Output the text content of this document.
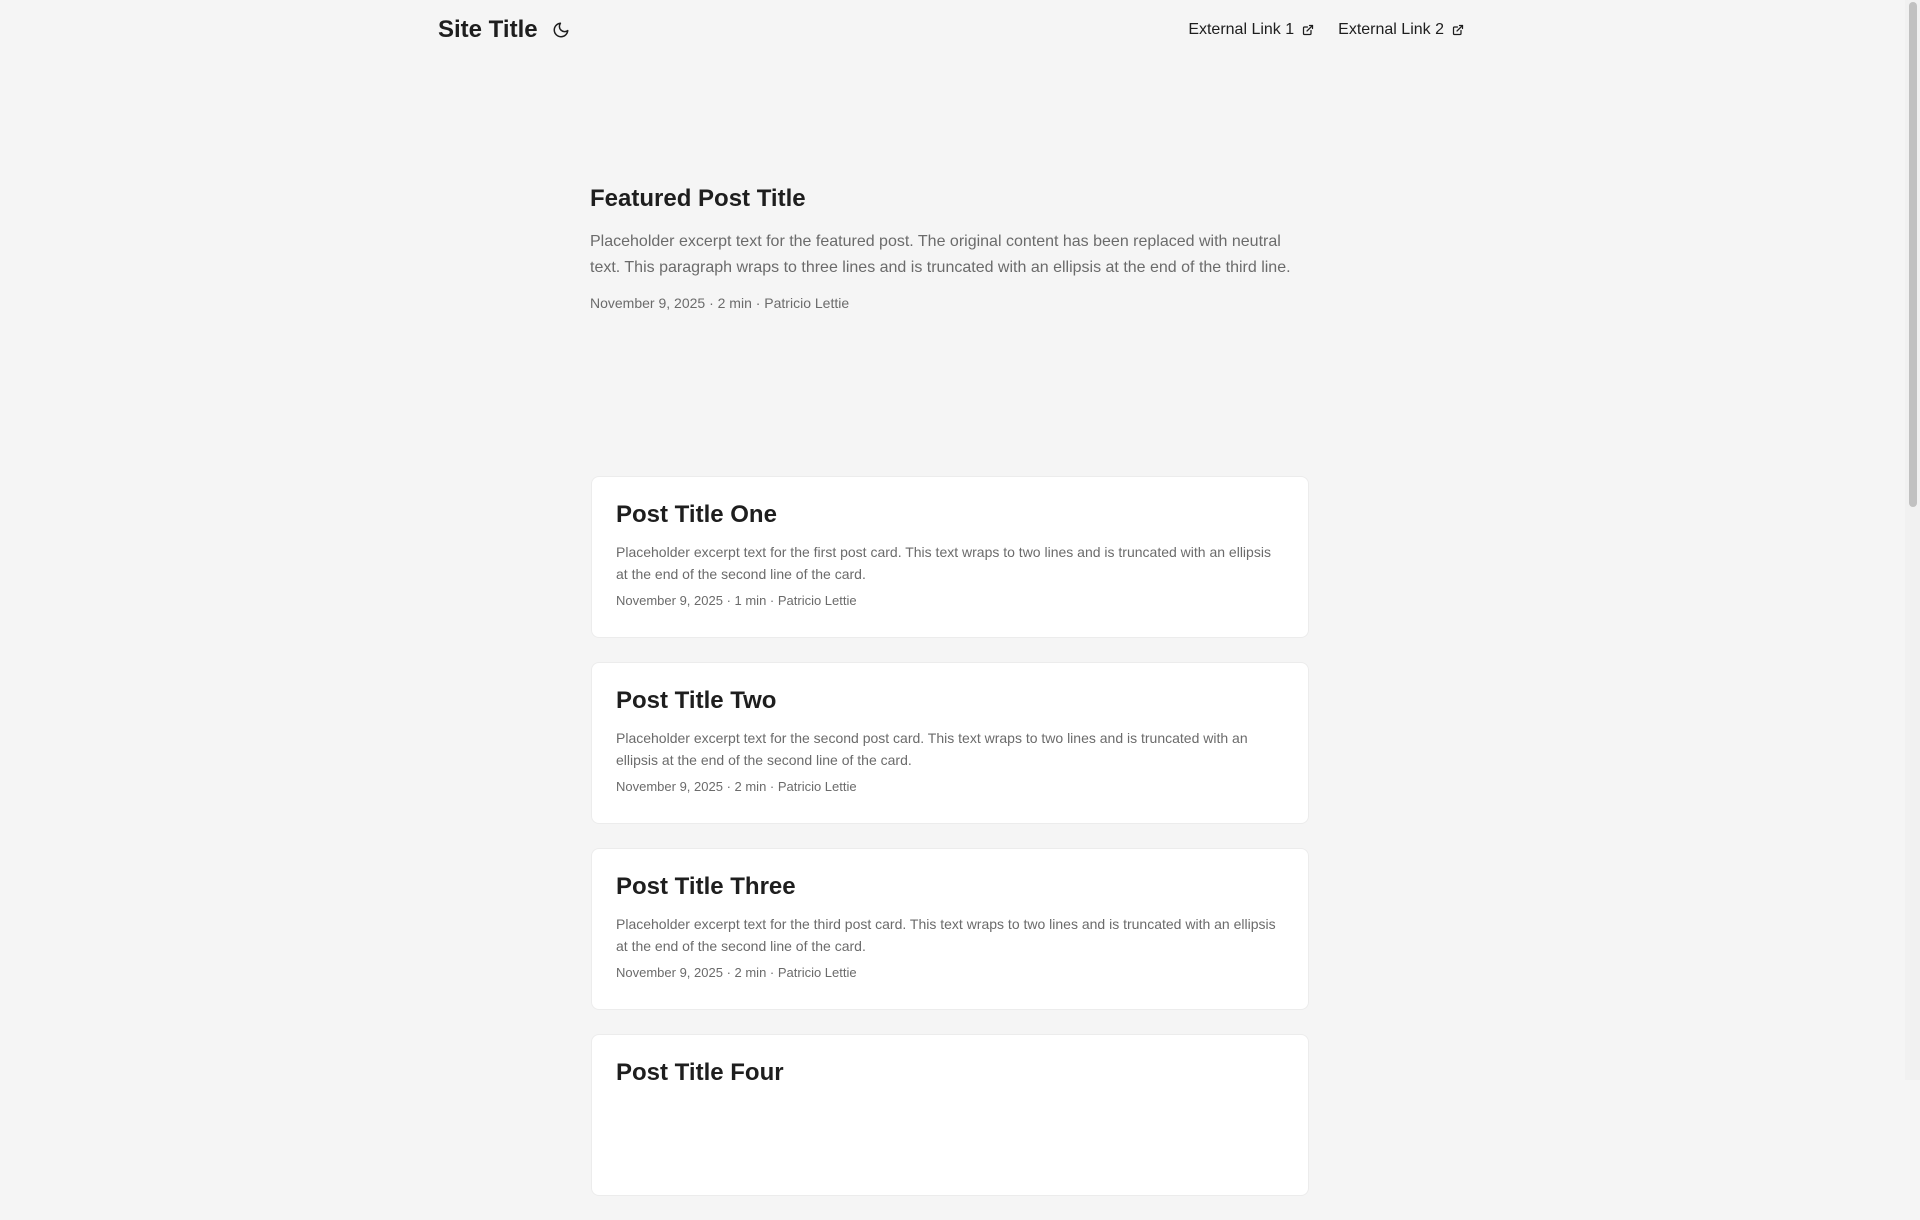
Site Title	External Link 1	External Link 2
Featured Post Title
Placeholder excerpt text for the featured post. The original content has been replaced with neutral text. This paragraph wraps to three lines and is truncated with an ellipsis at the end of the third line.
November 9, 2025 · 2 min · Patricio Lettie
Post Title One
Placeholder excerpt text for the first post card. This text wraps to two lines and is truncated with an ellipsis at the end of the second line of the card.
November 9, 2025 · 1 min · Patricio Lettie
Post Title Two
Placeholder excerpt text for the second post card. This text wraps to two lines and is truncated with an ellipsis at the end of the second line of the card.
November 9, 2025 · 2 min · Patricio Lettie
Post Title Three
Placeholder excerpt text for the third post card. This text wraps to two lines and is truncated with an ellipsis at the end of the second line of the card.
November 9, 2025 · 2 min · Patricio Lettie
Post Title Four
